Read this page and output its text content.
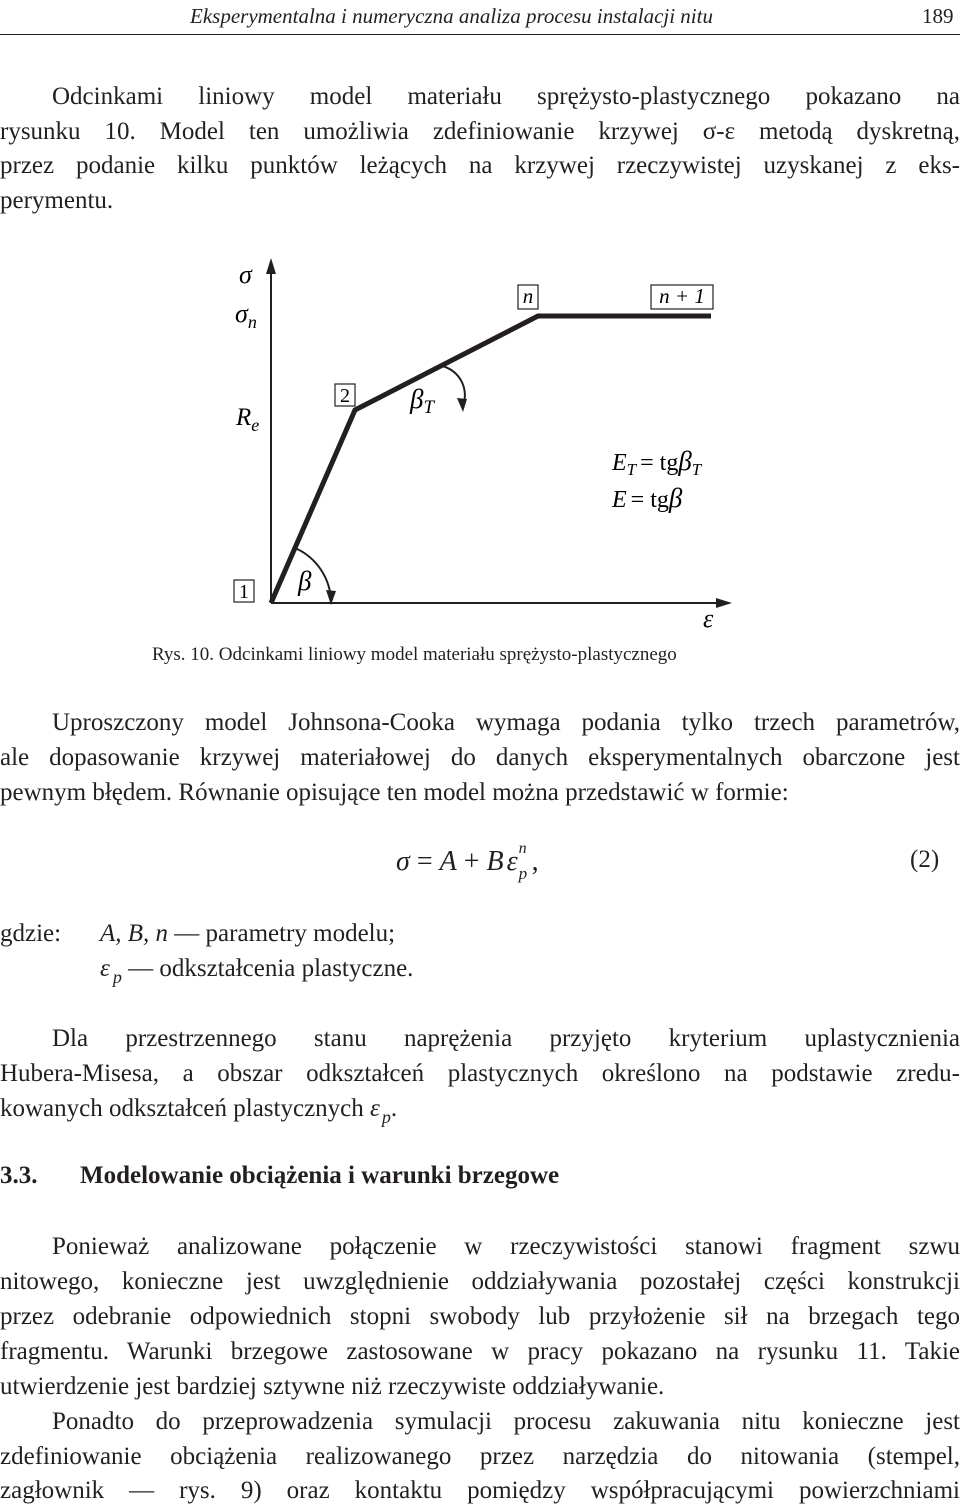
Eksperymentalna i numeryczna analiza procesu instalacji nitu	189
Odcinkami liniowy model materiału sprężysto-plastycznego pokazano na
rysunku 10. Model ten umożliwia zdefiniowanie krzywej σ-ε metodą dyskretną,
przez podanie kilku punktów leżących na krzywej rzeczywistej uzyskanej z eks-
perymentu.
1
2
n	n + 1
σ
$\sigma_n$
$R_e$
ε
β
βT
$E_T = tg\beta_T$
E = tgβ
Rys. 10. Odcinkami liniowy model materiału sprężysto-plastycznego
Uproszczony model Johnsona-Cooka wymaga podania tylko trzech parametrów,
ale dopasowanie krzywej materiałowej do danych eksperymentalnych obarczone jest
pewnym błędem. Równanie opisujące ten model można przedstawić w formie:
σ = A + B ε n
p ,	(2)
gdzie: A, B, n — parametry modelu;
ε $_p$ — odkształcenia plastyczne.
Dla przestrzennego stanu naprężenia przyjęto kryterium uplastycznienia
Hubera-Misesa, a obszar odkształceń plastycznych określono na podstawie zredu-
kowanych odkształceń plastycznych ε $_p$.
3.3. Modelowanie obciążenia i warunki brzegowe
Ponieważ analizowane połączenie w rzeczywistości stanowi fragment szwu
nitowego, konieczne jest uwzględnienie oddziaływania pozostałej części konstrukcji
przez odebranie odpowiednich stopni swobody lub przyłożenie sił na brzegach tego
fragmentu. Warunki brzegowe zastosowane w pracy pokazano na rysunku 11. Takie
utwierdzenie jest bardziej sztywne niż rzeczywiste oddziaływanie.
Ponadto do przeprowadzenia symulacji procesu zakuwania nitu konieczne jest
zdefiniowanie obciążenia realizowanego przez narzędzia do nitowania (stempel,
zagłownik — rys. 9) oraz kontaktu pomiędzy współpracującymi powierzchniami
